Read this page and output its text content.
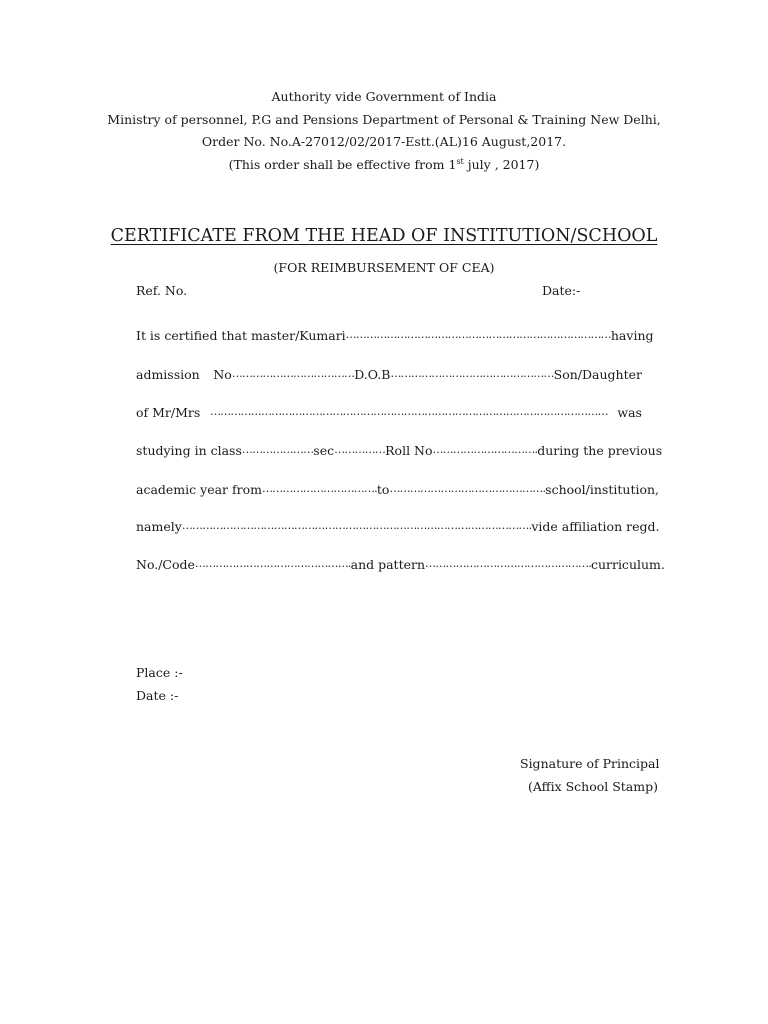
Authority vide Government of India
Ministry of personnel, P.G and Pensions Department of Personal & Training New Delhi,
Order No. No.A-27012/02/2017-Estt.(AL)16 August,2017.
(This order shall be effective from 1st july , 2017)
CERTIFICATE FROM THE HEAD OF INSTITUTION/SCHOOL
(FOR REIMBURSEMENT OF CEA)
Ref. No.	Date:-
It is certified that master/Kumari …………………………………………………………………… having
admission No ……………………………… D.O.B ………………………………………… Son/Daughter
of Mr/Mrs ……………………………………………………………………………………………………… was
studying in class ………………… sec …………… Roll No …………………………. during the previous
academic year from ……………………………. to ………………………………………. school/institution,
namely …………………………………………………………………………………………. vide affiliation regd.
No./Code ………………………………………. and pattern …………………………………………. curriculum.
Place :-
Date :-
Signature of Principal
(Affix School Stamp)
